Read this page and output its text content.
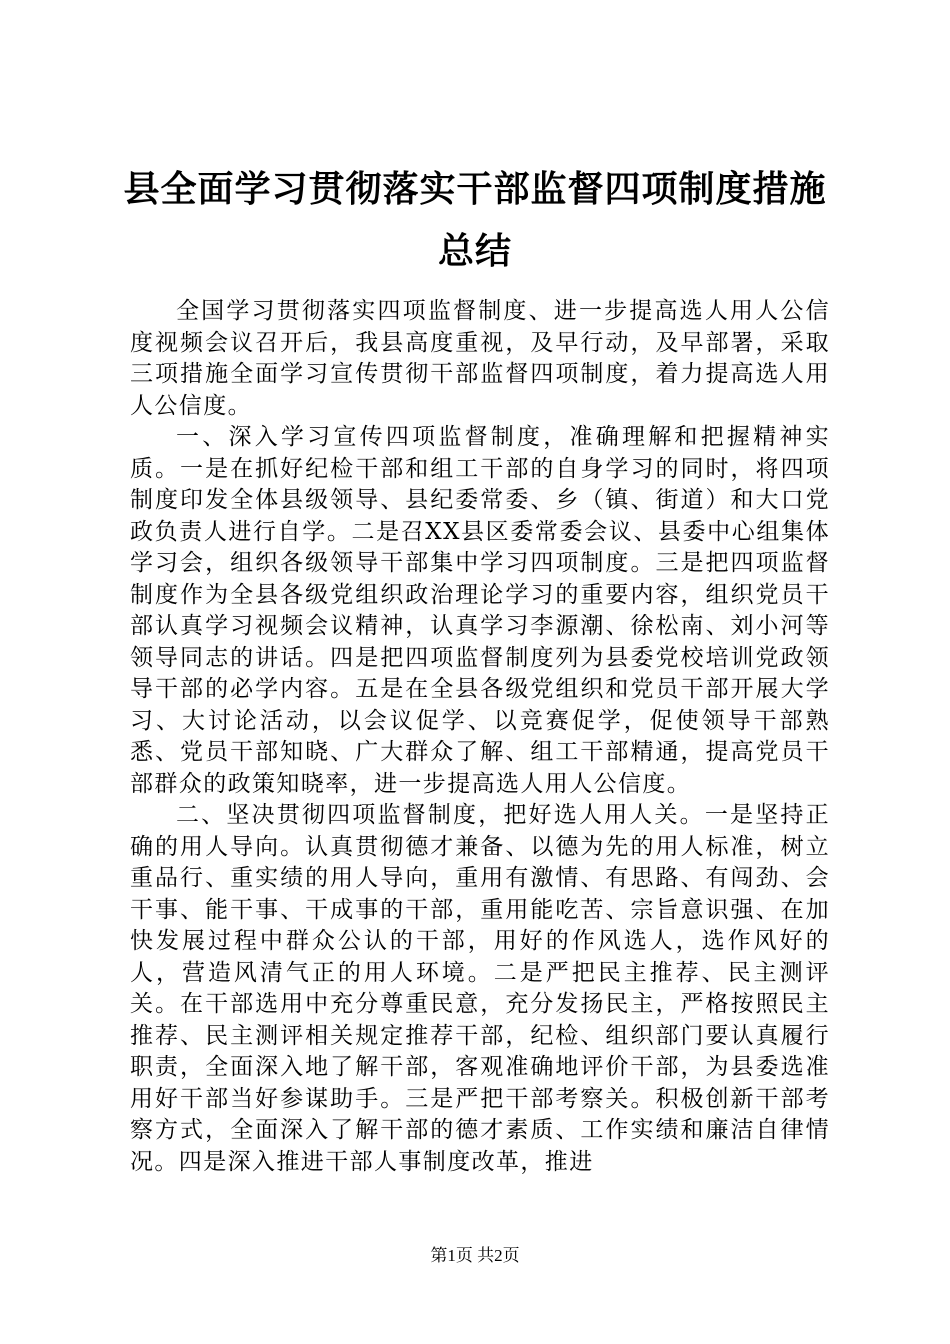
县全面学习贯彻落实干部监督四项制度措施总结

全国学习贯彻落实四项监督制度、进一步提高选人用人公信度视频会议召开后，我县高度重视，及早行动，及早部署，采取三项措施全面学习宣传贯彻干部监督四项制度，着力提高选人用人公信度。

一、深入学习宣传四项监督制度，准确理解和把握精神实质。一是在抓好纪检干部和组工干部的自身学习的同时，将四项制度印发全体县级领导、县纪委常委、乡（镇、街道）和大口党政负责人进行自学。二是召XX县区委常委会议、县委中心组集体学习会，组织各级领导干部集中学习四项制度。三是把四项监督制度作为全县各级党组织政治理论学习的重要内容，组织党员干部认真学习视频会议精神，认真学习李源潮、徐松南、刘小河等领导同志的讲话。四是把四项监督制度列为县委党校培训党政领导干部的必学内容。五是在全县各级党组织和党员干部开展大学习、大讨论活动，以会议促学、以竞赛促学，促使领导干部熟悉、党员干部知晓、广大群众了解、组工干部精通，提高党员干部群众的政策知晓率，进一步提高选人用人公信度。

二、坚决贯彻四项监督制度，把好选人用人关。一是坚持正确的用人导向。认真贯彻德才兼备、以德为先的用人标准，树立重品行、重实绩的用人导向，重用有激情、有思路、有闯劲、会干事、能干事、干成事的干部，重用能吃苦、宗旨意识强、在加快发展过程中群众公认的干部，用好的作风选人，选作风好的人，营造风清气正的用人环境。二是严把民主推荐、民主测评关。在干部选用中充分尊重民意，充分发扬民主，严格按照民主推荐、民主测评相关规定推荐干部，纪检、组织部门要认真履行职责，全面深入地了解干部，客观准确地评价干部，为县委选准用好干部当好参谋助手。三是严把干部考察关。积极创新干部考察方式，全面深入了解干部的德才素质、工作实绩和廉洁自律情况。四是深入推进干部人事制度改革，推进

第1页 共2页
